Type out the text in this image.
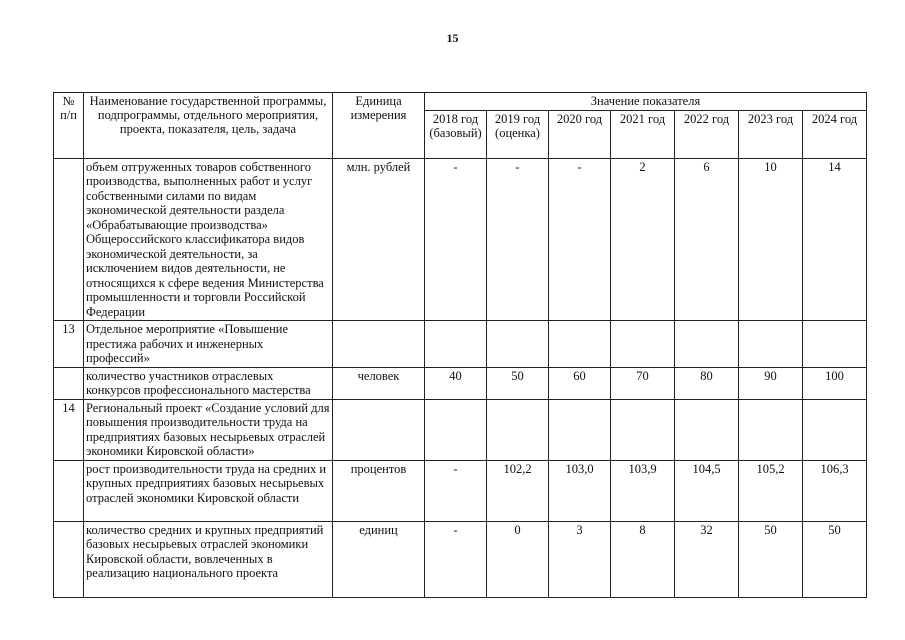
15
№
п/п	Наименование государственной программы, подпрограммы, отдельного мероприятия, проекта, показателя, цель, задача	Единица измерения	Значение показателя						
			2018 год (базовый)	2019 год (оценка)	2020 год	2021 год	2022 год	2023 год	2024 год
	объем отгруженных товаров собственного производства, выполненных работ и услуг собственными силами по видам экономической деятельности раздела «Обрабатывающие производства» Общероссийского классификатора видов экономической деятельности, за исключением видов деятельности, не относящихся к сфере ведения Министерства промышленности и торговли Российской Федерации	млн. рублей	-	-	-	2	6	10	14
13	Отдельное мероприятие «Повышение престижа рабочих и инженерных профессий»								
	количество участников отраслевых конкурсов профессионального мастерства	человек	40	50	60	70	80	90	100
14	Региональный проект «Создание условий для повышения производительности труда на предприятиях базовых несырьевых отраслей экономики Кировской области»								
	рост производительности труда на средних и крупных предприятиях базовых несырьевых отраслей экономики Кировской области	процентов	-	102,2	103,0	103,9	104,5	105,2	106,3
	количество средних и крупных предприятий базовых несырьевых отраслей экономики Кировской области, вовлеченных в реализацию национального проекта	единиц	-	0	3	8	32	50	50
